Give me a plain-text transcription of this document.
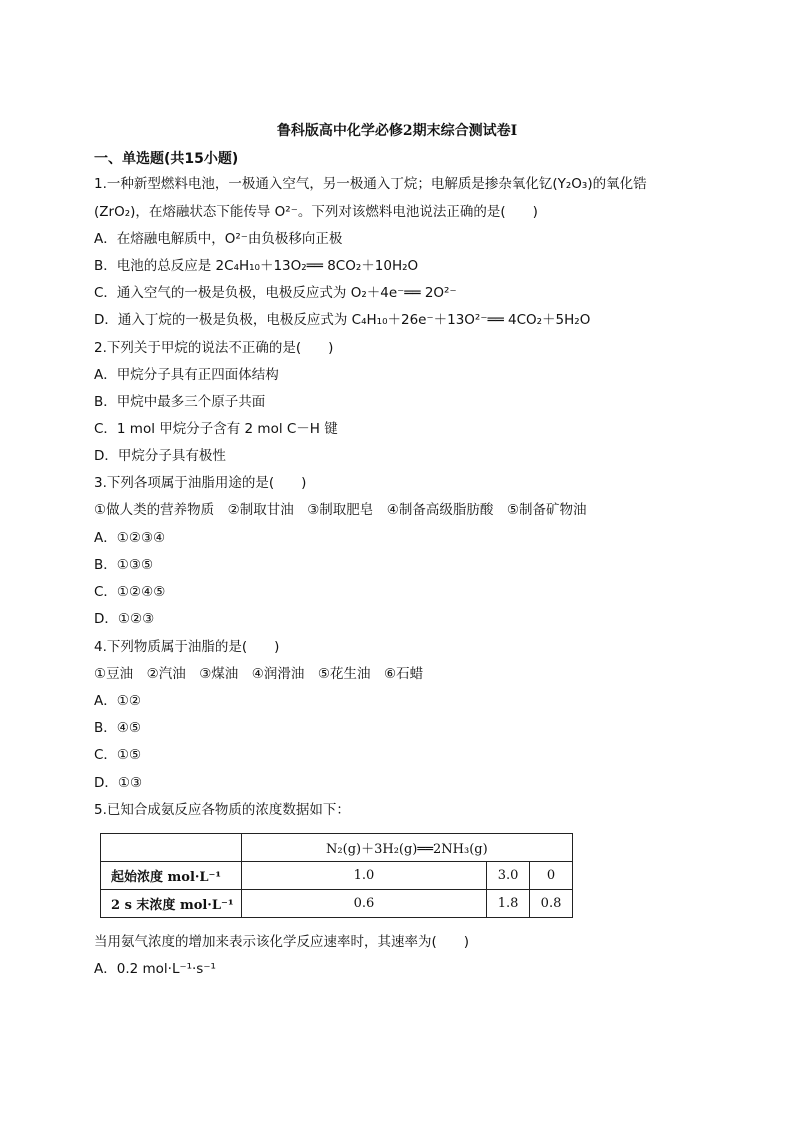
鲁科版高中化学必修2期末综合测试卷I
一、单选题(共15小题)
1.一种新型燃料电池，一极通入空气，另一极通入丁烷；电解质是掺杂氧化钇(Y₂O₃)的氧化锆
(ZrO₂)，在熔融状态下能传导 O²⁻。下列对该燃料电池说法正确的是(　　)
A．在熔融电解质中，O²⁻由负极移向正极
B．电池的总反应是 2C₄H₁₀＋13O₂══ 8CO₂＋10H₂O
C．通入空气的一极是负极，电极反应式为 O₂＋4e⁻══ 2O²⁻
D．通入丁烷的一极是负极，电极反应式为 C₄H₁₀＋26e⁻＋13O²⁻══ 4CO₂＋5H₂O
2.下列关于甲烷的说法不正确的是(　　)
A．甲烷分子具有正四面体结构
B．甲烷中最多三个原子共面
C．1 mol 甲烷分子含有 2 mol C－H 键
D．甲烷分子具有极性
3.下列各项属于油脂用途的是(　　)
①做人类的营养物质　②制取甘油　③制取肥皂　④制备高级脂肪酸　⑤制备矿物油
A．①②③④
B．①③⑤
C．①②④⑤
D．①②③
4.下列物质属于油脂的是(　　)
①豆油　②汽油　③煤油　④润滑油　⑤花生油　⑥石蜡
A．①②
B．④⑤
C．①⑤
D．①③
5.已知合成氨反应各物质的浓度数据如下：
	N₂(g)＋3H₂(g)══2NH₃(g)		
起始浓度 mol·L⁻¹	1.0	3.0	0
2 s 末浓度 mol·L⁻¹	0.6	1.8	0.8
当用氨气浓度的增加来表示该化学反应速率时，其速率为(　　)
A．0.2 mol·L⁻¹·s⁻¹
